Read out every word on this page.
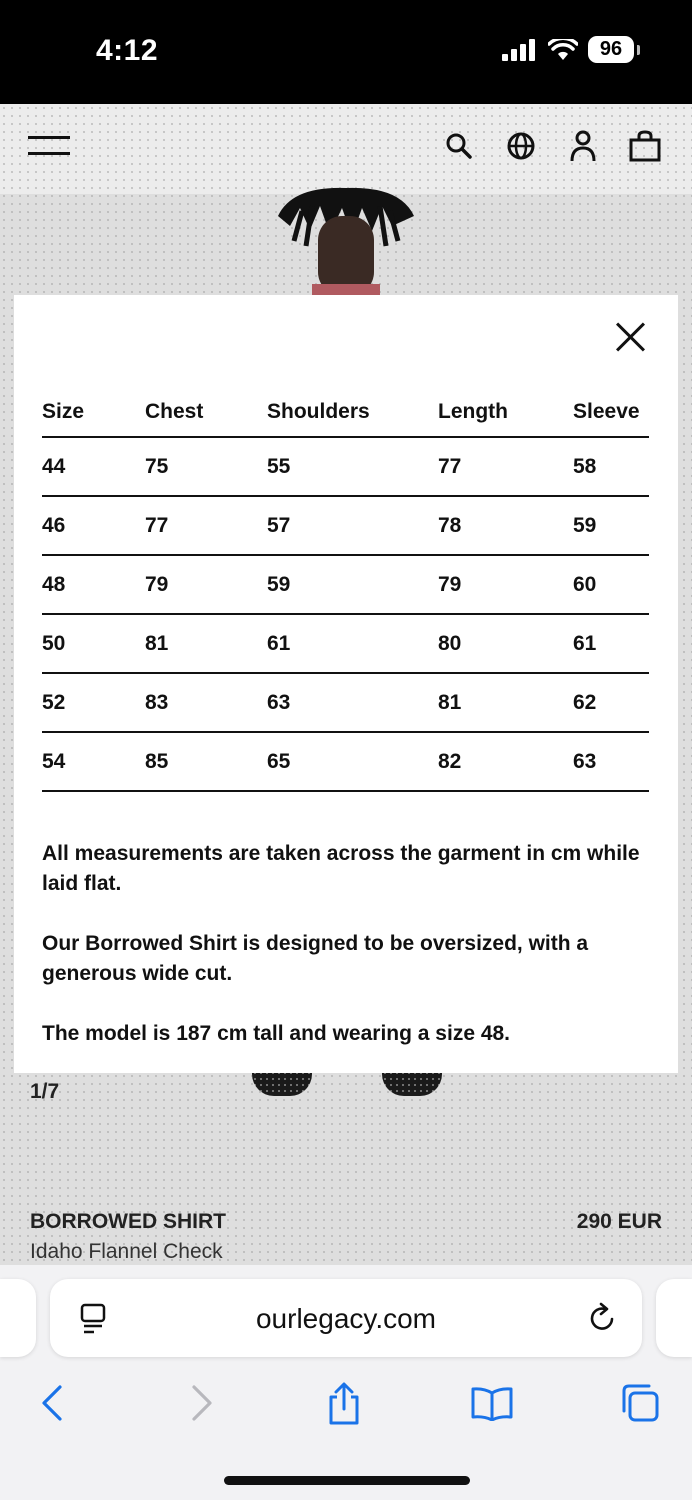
4:12	96
1/7
BORROWED SHIRT
Idaho Flannel Check
290 EUR
Size	Chest	Shoulders	Length	Sleeve
44	75	55	77	58
46	77	57	78	59
48	79	59	79	60
50	81	61	80	61
52	83	63	81	62
54	85	65	82	63

All measurements are taken across the garment in cm while laid flat.

Our Borrowed Shirt is designed to be oversized, with a generous wide cut.

The model is 187 cm tall and wearing a size 48.

ourlegacy.com
